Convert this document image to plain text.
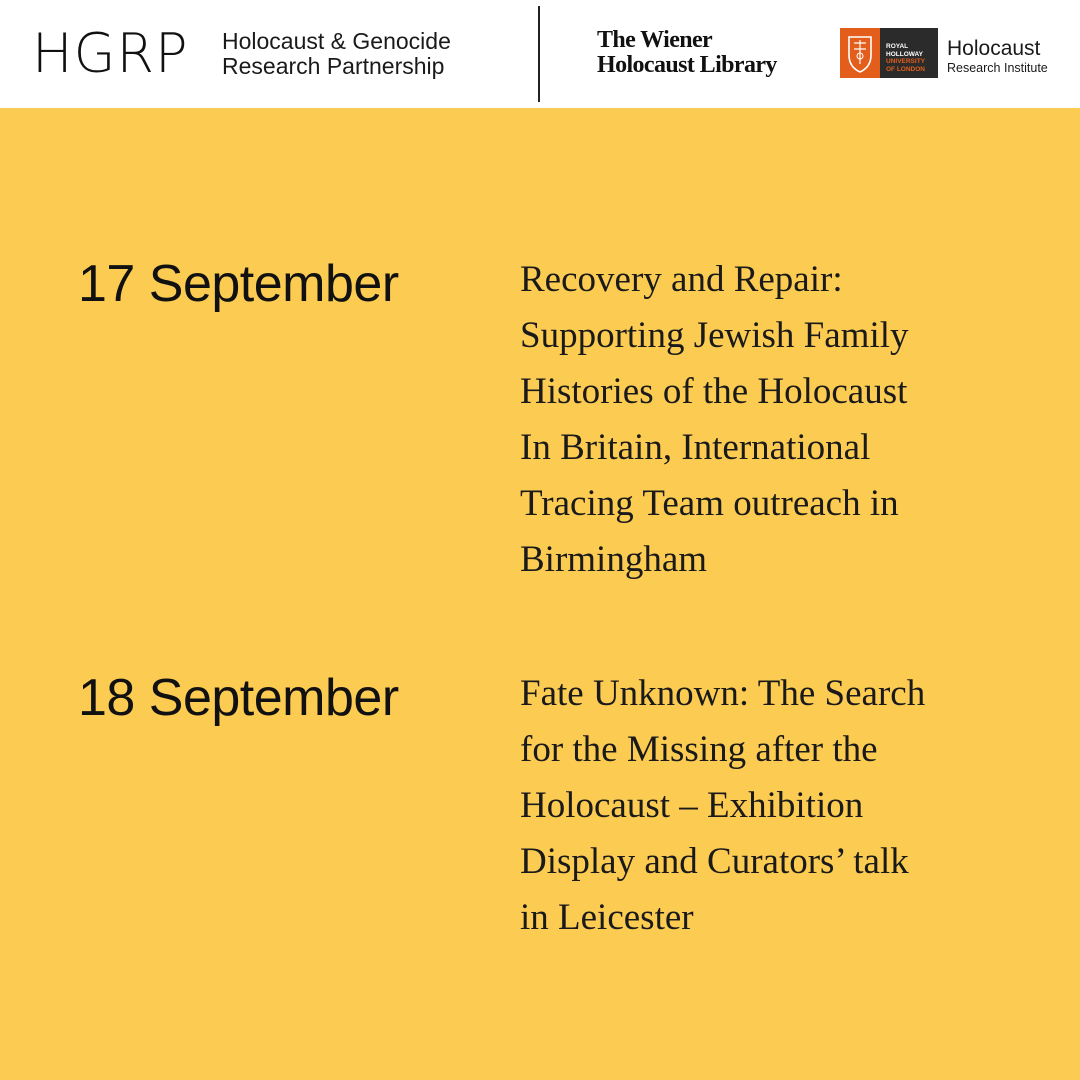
HGRP Holocaust & Genocide
Research Partnership
The Wiener
Holocaust Library
ROYAL
HOLLOWAY
UNIVERSITY
OF LONDON
Holocaust
Research Institute
17 September	Recovery and Repair:
Supporting Jewish Family
Histories of the Holocaust
In Britain, International
Tracing Team outreach in
Birmingham
18 September	Fate Unknown: The Search
for the Missing after the
Holocaust – Exhibition
Display and Curators’ talk
in Leicester
